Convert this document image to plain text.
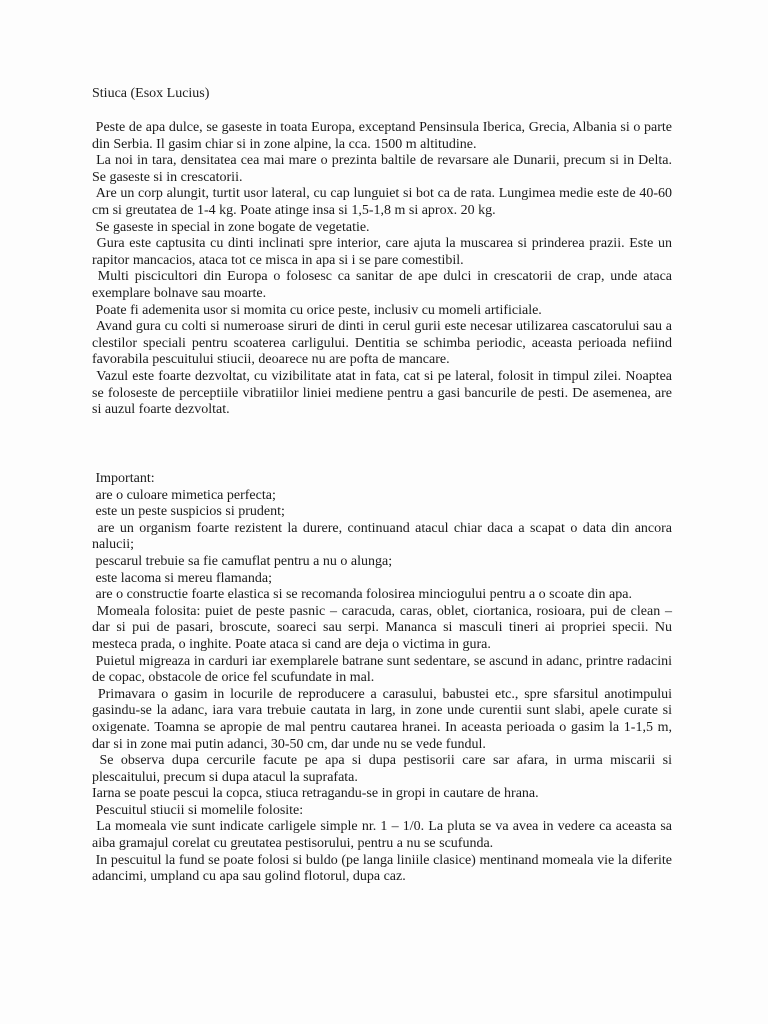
Stiuca (Esox Lucius)

Peste de apa dulce, se gaseste in toata Europa, exceptand Pensinsula Iberica, Grecia, Albania si o parte din Serbia. Il gasim chiar si in zone alpine, la cca. 1500 m altitudine.

La noi in tara, densitatea cea mai mare o prezinta baltile de revarsare ale Dunarii, precum si in Delta. Se gaseste si in crescatorii.

Are un corp alungit, turtit usor lateral, cu cap lunguiet si bot ca de rata. Lungimea medie este de 40-60 cm si greutatea de 1-4 kg. Poate atinge insa si 1,5-1,8 m si aprox. 20 kg.

Se gaseste in special in zone bogate de vegetatie.

Gura este captusita cu dinti inclinati spre interior, care ajuta la muscarea si prinderea prazii. Este un rapitor mancacios, ataca tot ce misca in apa si i se pare comestibil.

Multi piscicultori din Europa o folosesc ca sanitar de ape dulci in crescatorii de crap, unde ataca exemplare bolnave sau moarte.

Poate fi ademenita usor si momita cu orice peste, inclusiv cu momeli artificiale.

Avand gura cu colti si numeroase siruri de dinti in cerul gurii este necesar utilizarea cascatorului sau a clestilor speciali pentru scoaterea carligului. Dentitia se schimba periodic, aceasta perioada nefiind favorabila pescuitului stiucii, deoarece nu are pofta de mancare.

Vazul este foarte dezvoltat, cu vizibilitate atat in fata, cat si pe lateral, folosit in timpul zilei. Noaptea se foloseste de perceptiile vibratiilor liniei mediene pentru a gasi bancurile de pesti. De asemenea, are si auzul foarte dezvoltat.

Important:

are o culoare mimetica perfecta;

este un peste suspicios si prudent;

are un organism foarte rezistent la durere, continuand atacul chiar daca a scapat o data din ancora nalucii;

pescarul trebuie sa fie camuflat pentru a nu o alunga;

este lacoma si mereu flamanda;

are o constructie foarte elastica si se recomanda folosirea minciogului pentru a o scoate din apa.

Momeala folosita: puiet de peste pasnic – caracuda, caras, oblet, ciortanica, rosioara, pui de clean – dar si pui de pasari, broscute, soareci sau serpi. Mananca si masculi tineri ai propriei specii. Nu mesteca prada, o inghite. Poate ataca si cand are deja o victima in gura.

Puietul migreaza in carduri iar exemplarele batrane sunt sedentare, se ascund in adanc, printre radacini de copac, obstacole de orice fel scufundate in mal.

Primavara o gasim in locurile de reproducere a carasului, babustei etc., spre sfarsitul anotimpului gasindu-se la adanc, iara vara trebuie cautata in larg, in zone unde curentii sunt slabi, apele curate si oxigenate. Toamna se apropie de mal pentru cautarea hranei. In aceasta perioada o gasim la 1-1,5 m, dar si in zone mai putin adanci, 30-50 cm, dar unde nu se vede fundul.

Se observa dupa cercurile facute pe apa si dupa pestisorii care sar afara, in urma miscarii si plescaitului, precum si dupa atacul la suprafata.

Iarna se poate pescui la copca, stiuca retragandu-se in gropi in cautare de hrana.

Pescuitul stiucii si momelile folosite:

La momeala vie sunt indicate carligele simple nr. 1 – 1/0. La pluta se va avea in vedere ca aceasta sa aiba gramajul corelat cu greutatea pestisorului, pentru a nu se scufunda.

In pescuitul la fund se poate folosi si buldo (pe langa liniile clasice) mentinand momeala vie la diferite adancimi, umpland cu apa sau golind flotorul, dupa caz.
